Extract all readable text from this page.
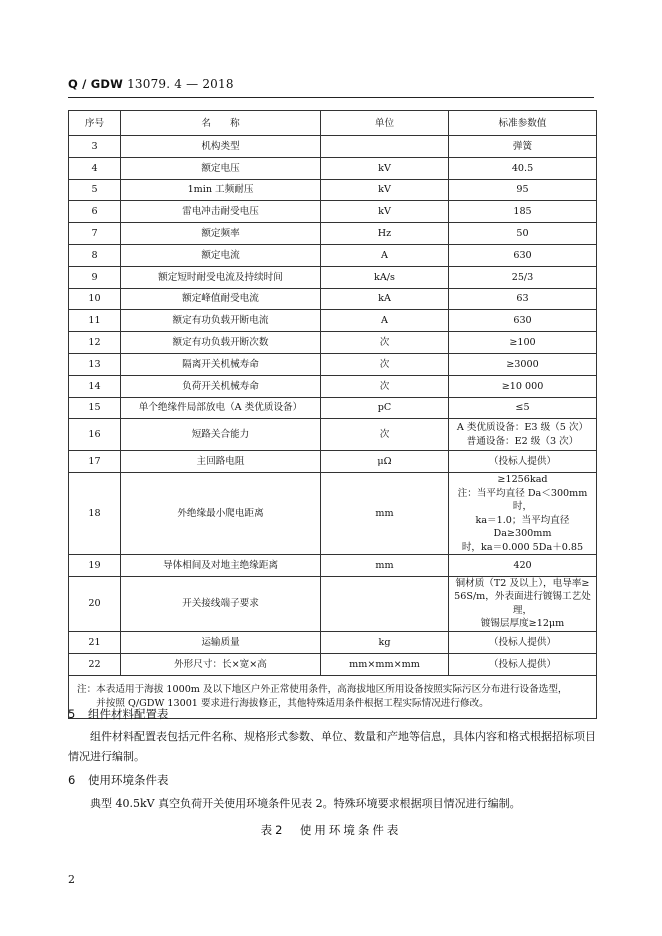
Q / GDW 13079. 4 — 2018
序号	名　　称	单位	标准参数值
3	机构类型		弹簧
4	额定电压	kV	40.5
5	1min 工频耐压	kV	95
6	雷电冲击耐受电压	kV	185
7	额定频率	Hz	50
8	额定电流	A	630
9	额定短时耐受电流及持续时间	kA/s	25/3
10	额定峰值耐受电流	kA	63
11	额定有功负载开断电流	A	630
12	额定有功负载开断次数	次	≥100
13	隔离开关机械寿命	次	≥3000
14	负荷开关机械寿命	次	≥10 000
15	单个绝缘件局部放电（A 类优质设备）	pC	≤5
16	短路关合能力	次	A 类优质设备：E3 级（5 次）
普通设备：E2 级（3 次）

17	主回路电阻	μΩ	（投标人提供）
18	外绝缘最小爬电距离	mm	≥1256kad
注：当平均直径 Da＜300mm 时，
ka＝1.0；当平均直径 Da≥300mm
时，ka＝0.000 5Da＋0.85

19	导体相间及对地主绝缘距离	mm	420
20	开关接线端子要求		铜材质（T2 及以上），电导率≥
56S/m，外表面进行镀锡工艺处理，
镀锡层厚度≥12μm

21	运输质量	kg	（投标人提供）
22	外形尺寸：长×宽×高	mm×mm×mm	（投标人提供）

注：本表适用于海拔 1000m 及以下地区户外正常使用条件，高海拔地区所用设备按照实际污区分布进行设备选型，
　　并按照 Q/GDW 13001 要求进行海拔修正，其他特殊适用条件根据工程实际情况进行修改。			
5 组件材料配置表
组件材料配置表包括元件名称、规格形式参数、单位、数量和产地等信息，具体内容和格式根据招标项目情况进行编制。
6 使用环境条件表
典型 40.5kV 真空负荷开关使用环境条件见表 2。特殊环境要求根据项目情况进行编制。
表2　使用环境条件表
2
